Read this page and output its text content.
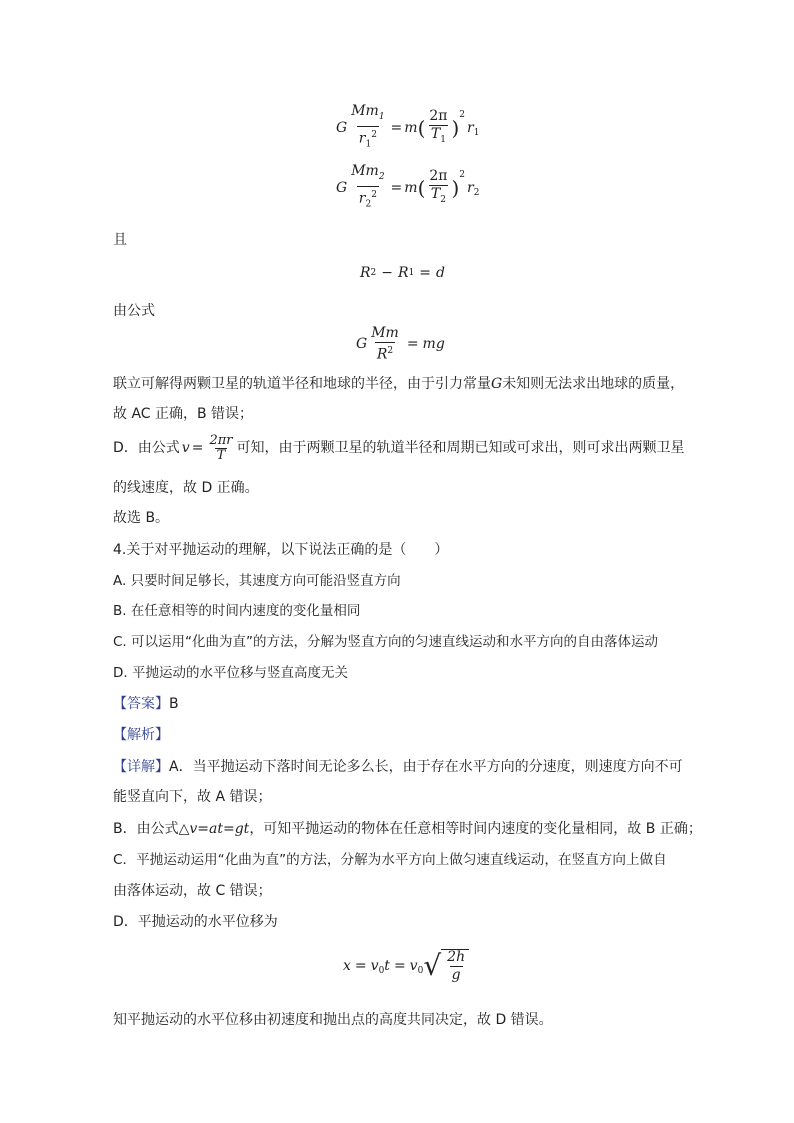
G $\frac{Mm_1}{r_1^2} = m$ ( $\frac{2\pi}{T_1}$ )
$^2$
$r_1$
G $\frac{Mm_2}{r_2^2} = m$ ( $\frac{2\pi}{T_2}$ )
$^2$
$r_2$
且
R 2 − R 1 = d
由公式
G $\frac{Mm}{R^2}$ = mg
联立可解得两颗卫星的轨道半径和地球的半径，由于引力常量G未知则无法求出地球的质量，
故 AC 正确，B 错误；
D．由公式 $v = \frac{2\pi r}{T}$ 可知，由于两颗卫星的轨道半径和周期已知或可求出，则可求出两颗卫星
的线速度，故 D 正确。
故选 B。
4.关于对平抛运动的理解，以下说法正确的是（　　）
A. 只要时间足够长，其速度方向可能沿竖直方向
B. 在任意相等的时间内速度的变化量相同
C. 可以运用“化曲为直”的方法，分解为竖直方向的匀速直线运动和水平方向的自由落体运动
D. 平抛运动的水平位移与竖直高度无关
【答案】B
【解析】
【详解】A．当平抛运动下落时间无论多么长，由于存在水平方向的分速度，则速度方向不可
能竖直向下，故 A 错误；
B．由公式△v=at=gt，可知平抛运动的物体在任意相等时间内速度的变化量相同，故 B 正确；
C．平抛运动运用“化曲为直”的方法，分解为水平方向上做匀速直线运动，在竖直方向上做自
由落体运动，故 C 错误；
D．平抛运动的水平位移为
$x = v_0$ $t = v_0$ √ $\frac{2h}{g}$
知平抛运动的水平位移由初速度和抛出点的高度共同决定，故 D 错误。
